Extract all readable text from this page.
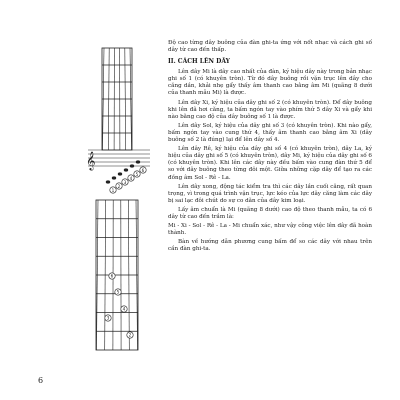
𝄞
1
2
3
4
5
6
6
5
4
3
2

Độ cao từng dây buông của đàn ghi-ta ứng với nốt nhạc và cách ghi số dây từ cao đến thấp.

II. CÁCH LÊN DÂY

Lên dây Mi là dây cao nhất của đàn, ký hiệu dây này trong bản nhạc ghi số 1 (có khuyên tròn). Từ đó dây buông rồi vặn trục lên dây cho căng dần, khải nhẹ gẩy thấy âm thanh cao bằng âm Mi (quãng 8 dưới của thanh mẫu Mi) là được.

Lên dây Xi, ký hiệu của dây ghi số 2 (có khuyên tròn). Để dây buông khi lên đã hơi căng, ta bấm ngón tay vào phím thứ 5 dây Xi và gẩy khi nào bằng cao độ của dây buông số 1 là được.

Lên dây Sol, ký hiệu của dây ghi số 3 (có khuyên tròn). Khi nào gẩy, bấm ngón tay vào cung thứ 4, thấy âm thanh cao bằng âm Xi (dây buông số 2 là đúng) lại để lên dây số 4.

Lên dây Rê, ký hiệu của dây ghi số 4 (có khuyên tròn), dây La, ký hiệu của dây ghi số 5 (có khuyên tròn), dây Mi, ký hiệu của dây ghi số 6 (có khuyên tròn). Khi lên các dây này đều bấm vào cung đàn thứ 5 để so với dây buông theo từng đôi một. Giữa những cặp dây để tạo ra các đồng âm Sol - Rê - La.

Lên dây xong, động tác kiểm tra thì các dây lần cuối căng, rất quan trọng, vì trong quá trình vặn trục, lực kéo của lực dây căng làm các dây bị sai lạc đôi chút do sự co dãn của dây kim loại.

Lấy âm chuẩn là Mi (quãng 8 dưới) cao độ theo thanh mẫu, ta có 6 dây từ cao đến trầm là:

Mi - Xi - Sol - Rê - La - Mi chuẩn xác, như vậy công việc lên dây đã hoàn thành.

Bàn về hướng dẫn phương cung bấm để so các dây với nhau trên cần đàn ghi-ta.

6
